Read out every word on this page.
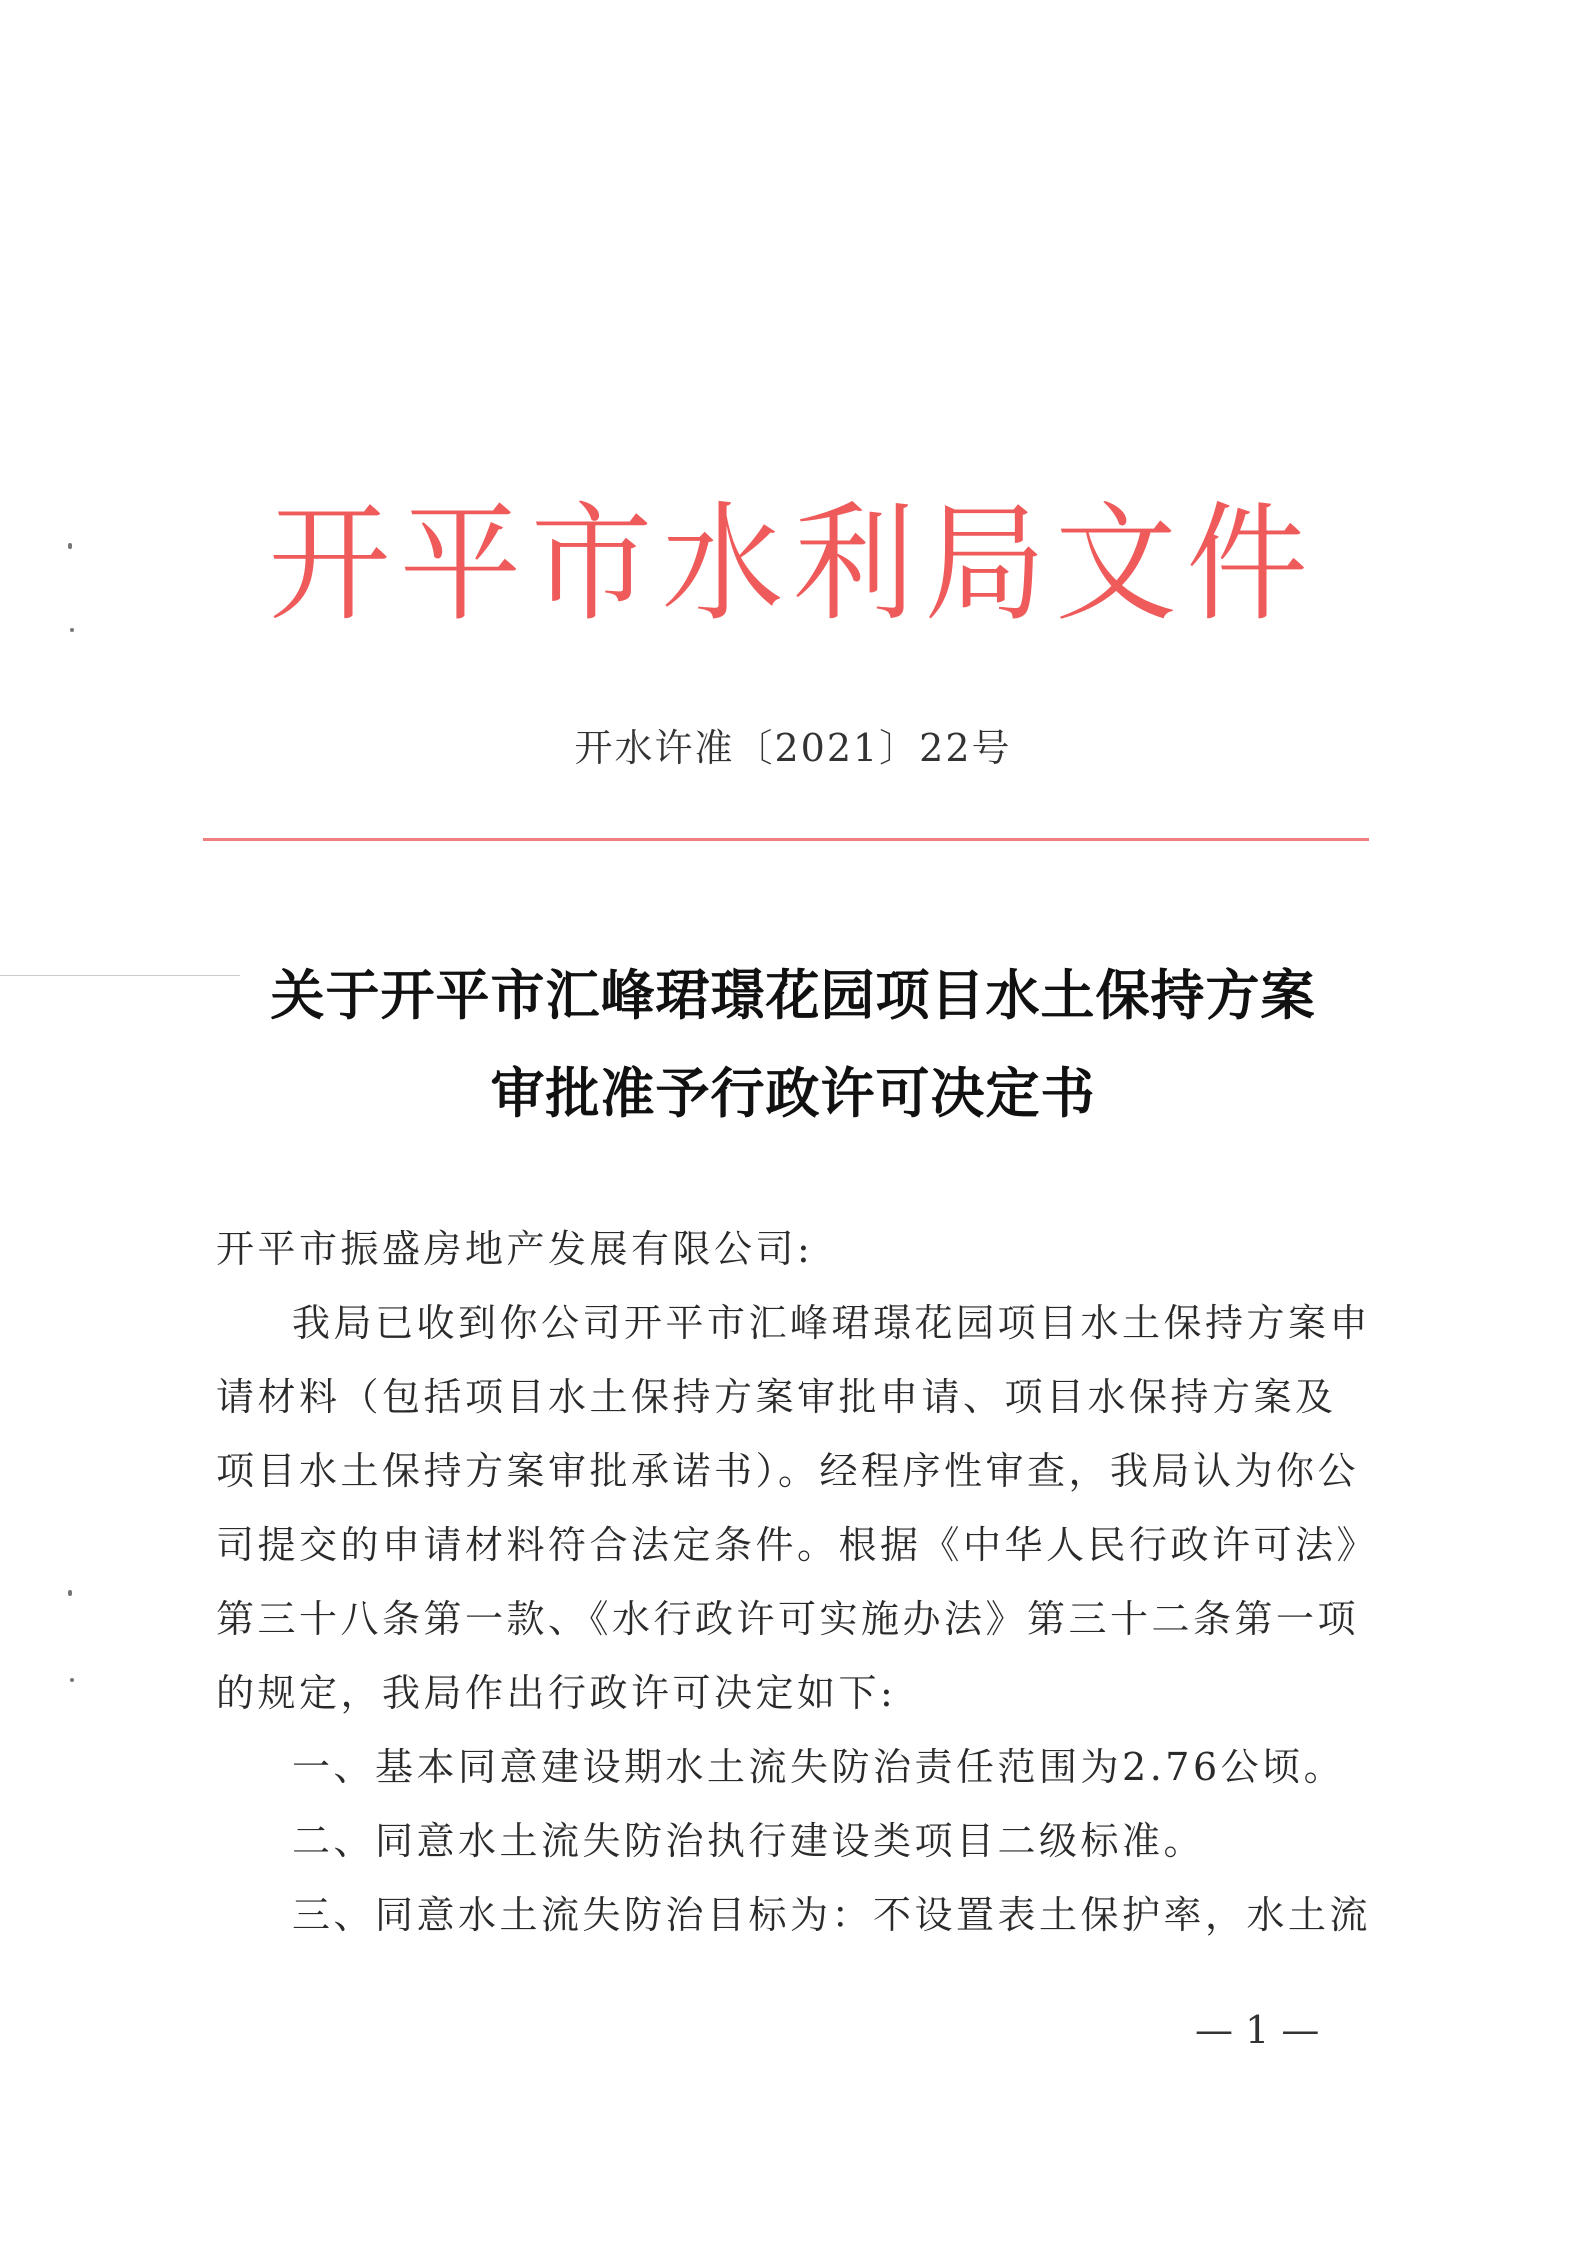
开平市水利局文件
开水许准〔2021〕22号
关于开平市汇峰珺璟花园项目水土保持方案
审批准予行政许可决定书
开平市振盛房地产发展有限公司:
我局已收到你公司开平市汇峰珺璟花园项目水土保持方案申请材料（包括项目水土保持方案审批申请、项目水保持方案及项目水土保持方案审批承诺书）。经程序性审查，我局认为你公司提交的申请材料符合法定条件。根据《中华人民行政许可法》第三十八条第一款、《水行政许可实施办法》第三十二条第一项的规定，我局作出行政许可决定如下:
一、基本同意建设期水土流失防治责任范围为2.76公顷。
二、同意水土流失防治执行建设类项目二级标准。
三、同意水土流失防治目标为：不设置表土保护率，水土流
— 1 —
